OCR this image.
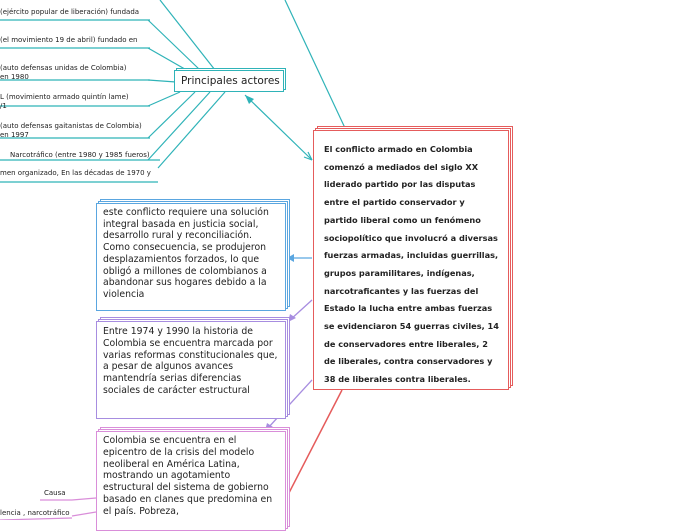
(ejército popular de liberación) fundada
(el movimiento 19 de abril) fundado en
(auto defensas unidas de Colombia)
en 1980
L (movimiento armado quintín lame)
/1
(auto defensas gaitanistas de Colombia)
en 1997
Narcotráfico (entre 1980 y 1985 fueros)
men organizado, En las décadas de 1970 y
Principales actores
El conflicto armado en Colombia comenzó a mediados del siglo XX liderado partido por las disputas entre el partido conservador y partido liberal como un fenómeno sociopolítico que involucró a diversas fuerzas armadas, incluidas guerrillas, grupos paramilitares, indígenas, narcotraficantes y las fuerzas del Estado la lucha entre ambas fuerzas se evidenciaron 54 guerras civiles, 14 de conservadores entre liberales, 2 de liberales, contra conservadores y 38 de liberales contra liberales.
este conflicto requiere una solución integral basada en justicia social, desarrollo rural y reconciliación. Como consecuencia, se produjeron desplazamientos forzados, lo que obligó a millones de colombianos a abandonar sus hogares debido a la violencia
Entre 1974 y 1990 la historia de Colombia se encuentra marcada por varias reformas constitucionales que, a pesar de algunos avances mantendría serias diferencias sociales de carácter estructural
Colombia se encuentra en el epicentro de la crisis del modelo neoliberal en América Latina, mostrando un agotamiento estructural del sistema de gobierno basado en clanes que predomina en el país. Pobreza,
Causa
lencia , narcotráfico
